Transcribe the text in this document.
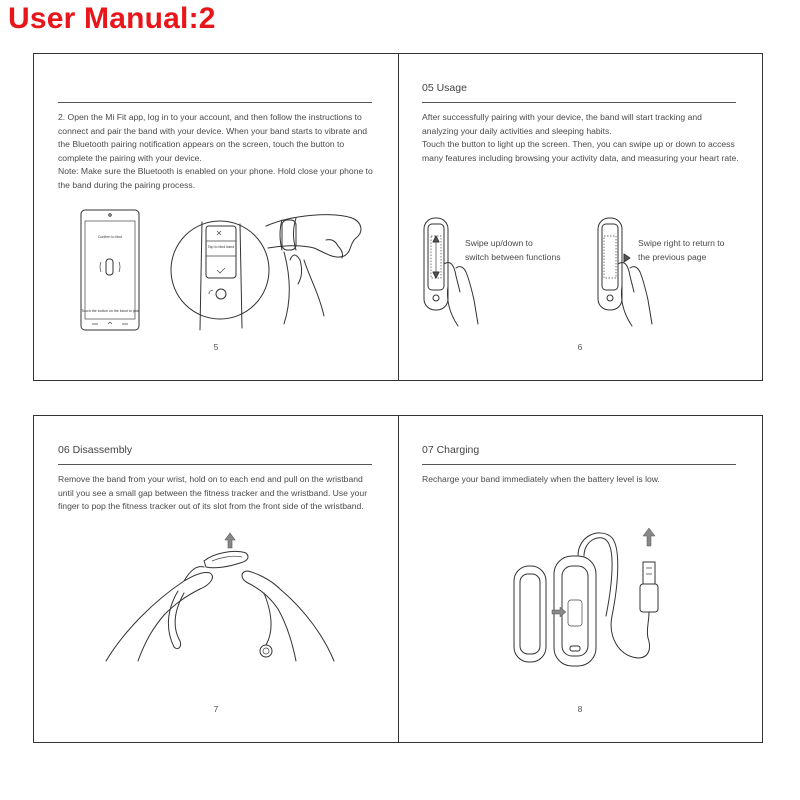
User Manual:2

2. Open the Mi Fit app, log in to your account, and then follow the instructions to connect and pair the band with your device. When your band starts to vibrate and the Bluetooth pairing notification appears on the screen, touch the button to complete the pairing with your device.

Note: Make sure the Bluetooth is enabled on your phone. Hold close your phone to the band during the pairing process.

Confirm to bind
Touch the button on the band to pair
Tap to bind band
5
05 Usage

After successfully pairing with your device, the band will start tracking and analyzing your daily activities and sleeping habits.

Touch the button to light up the screen. Then, you can swipe up or down to access many features including browsing your activity data, and measuring your heart rate.

Swipe up/down to
switch between functions
Swipe right to return to
the previous page
6
06 Disassembly

Remove the band from your wrist, hold on to each end and pull on the wristband until you see a small gap between the fitness tracker and the wristband. Use your finger to pop the fitness tracker out of its slot from the front side of the wristband.

7
07 Charging

Recharge your band immediately when the battery level is low.

8
